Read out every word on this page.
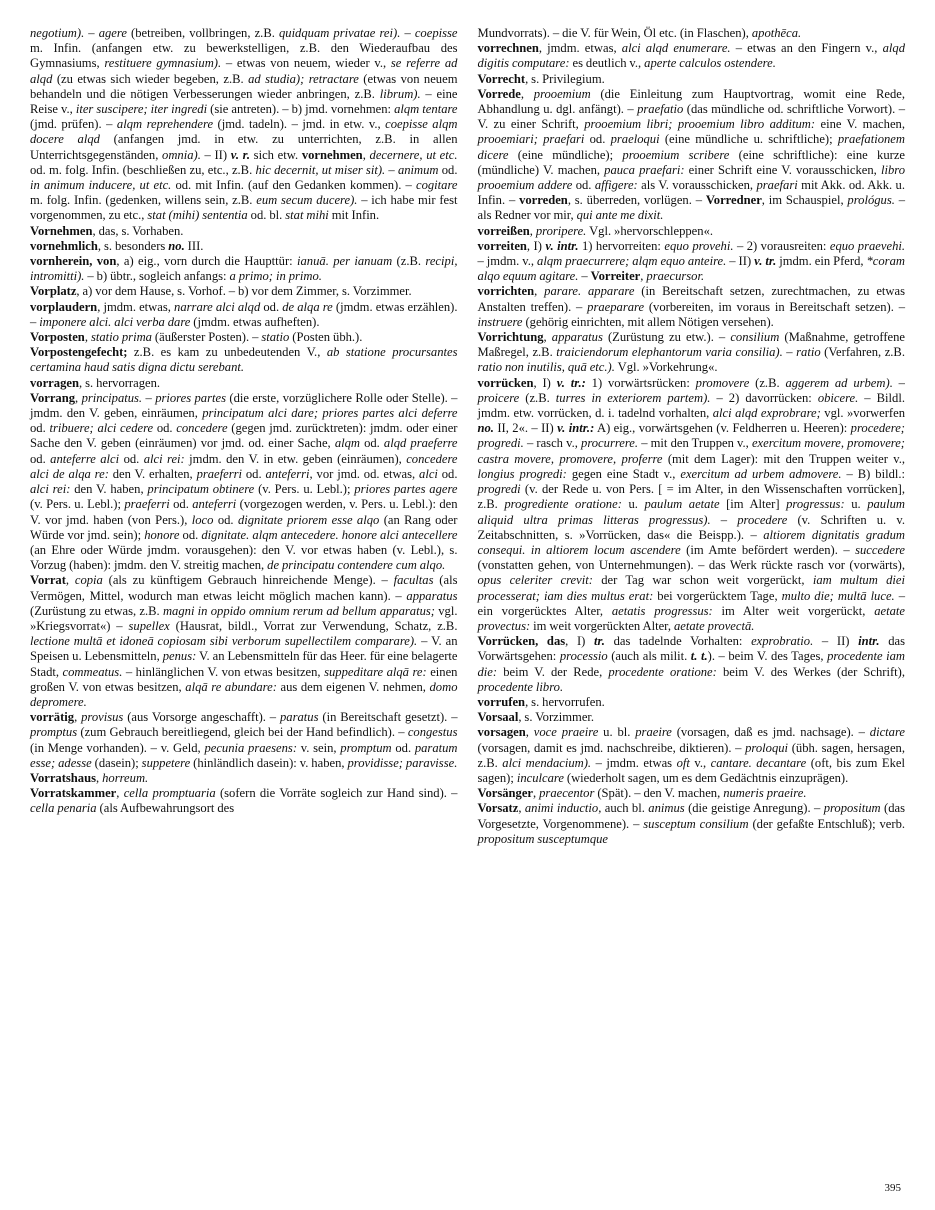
negotium). – agere (betreiben, vollbringen, z.B. quidquam privatae rei). – coepisse m. Infin. (anfangen etw. zu bewerkstelligen, z.B. den Wiederaufbau des Gymnasiums, restituere gymnasium). – etwas von neuem, wieder v., se referre ad alqd (zu etwas sich wieder begeben, z.B. ad studia); retractare (etwas von neuem behandeln und die nötigen Verbesserungen wieder anbringen, z.B. librum). – eine Reise v., iter suscipere; iter ingredi (sie antreten). – b) jmd. vornehmen: alqm tentare (jmd. prüfen). – alqm reprehendere (jmd. tadeln). – jmd. in etw. v., coepisse alqm docere alqd (anfangen jmd. in etw. zu unterrichten, z.B. in allen Unterrichtsgegenständen, omnia). – II) v. r. sich etw. vornehmen, decernere, ut etc. od. m. folg. Infin. (beschließen zu, etc., z.B. hic decernit, ut miser sit). – animum od. in animum inducere, ut etc. od. mit Infin. (auf den Gedanken kommen). – cogitare m. folg. Infin. (gedenken, willens sein, z.B. eum secum ducere). – ich habe mir fest vorgenommen, zu etc., stat (mihi) sententia od. bl. stat mihi mit Infin.

Vornehmen, das, s. Vorhaben.

vornehmlich, s. besonders no. III.

vornherein, von, a) eig., vorn durch die Haupttür: ianuā. per ianuam (z.B. recipi, intromitti). – b) übtr., sogleich anfangs: a primo; in primo.

Vorplatz, a) vor dem Hause, s. Vorhof. – b) vor dem Zimmer, s. Vorzimmer.

vorplaudern, jmdm. etwas, narrare alci alqd od. de alqa re (jmdm. etwas erzählen). – imponere alci. alci verba dare (jmdm. etwas aufheften).

Vorposten, statio prima (äußerster Posten). – statio (Posten übh.).

Vorpostengefecht; z.B. es kam zu unbedeutenden V., ab statione procursantes certamina haud satis digna dictu serebant.

vorragen, s. hervorragen.

Vorrang, principatus. – priores partes (die erste, vorzüglichere Rolle oder Stelle). – jmdm. den V. geben, einräumen, principatum alci dare; priores partes alci deferre od. tribuere; alci cedere od. concedere (gegen jmd. zurücktreten): jmdm. oder einer Sache den V. geben (einräumen) vor jmd. od. einer Sache, alqm od. alqd praeferre od. anteferre alci od. alci rei: jmdm. den V. in etw. geben (einräumen), concedere alci de alqa re: den V. erhalten, praeferri od. anteferri, vor jmd. od. etwas, alci od. alci rei: den V. haben, principatum obtinere (v. Pers. u. Lebl.); priores partes agere (v. Pers. u. Lebl.); praeferri od. anteferri (vorgezogen werden, v. Pers. u. Lebl.): den V. vor jmd. haben (von Pers.), loco od. dignitate priorem esse alqo (an Rang oder Würde vor jmd. sein); honore od. dignitate. alqm antecedere. honore alci antecellere (an Ehre oder Würde jmdm. vorausgehen): den V. vor etwas haben (v. Lebl.), s. Vorzug (haben): jmdm. den V. streitig machen, de principatu contendere cum alqo.

Vorrat, copia (als zu künftigem Gebrauch hinreichende Menge). – facultas (als Vermögen, Mittel, wodurch man etwas leicht möglich machen kann). – apparatus (Zurüstung zu etwas, z.B. magni in oppido omnium rerum ad bellum apparatus; vgl. »Kriegsvorrat«) – supellex (Hausrat, bildl., Vorrat zur Verwendung, Schatz, z.B. lectione multā et idoneā copiosam sibi verborum supellectilem comparare). – V. an Speisen u. Lebensmitteln, penus: V. an Lebensmitteln für das Heer. für eine belagerte Stadt, commeatus. – hinlänglichen V. von etwas besitzen, suppeditare alqā re: einen großen V. von etwas besitzen, alqā re abundare: aus dem eigenen V. nehmen, domo depromere.

vorrätig, provisus (aus Vorsorge angeschafft). – paratus (in Bereitschaft gesetzt). – promptus (zum Gebrauch bereitliegend, gleich bei der Hand befindlich). – congestus (in Menge vorhanden). – v. Geld, pecunia praesens: v. sein, promptum od. paratum esse; adesse (dasein); suppetere (hinländlich dasein): v. haben, providisse; paravisse.

Vorratshaus, horreum.

Vorratskammer, cella promptuaria (sofern die Vorräte sogleich zur Hand sind). – cella penaria (als Aufbewahrungsort des

Mundvorrats). – die V. für Wein, Öl etc. (in Flaschen), apothēca.

vorrechnen, jmdm. etwas, alci alqd enumerare. – etwas an den Fingern v., alqd digitis computare: es deutlich v., aperte calculos ostendere.

Vorrecht, s. Privilegium.

Vorrede, prooemium (die Einleitung zum Hauptvortrag, womit eine Rede, Abhandlung u. dgl. anfängt). – praefatio (das mündliche od. schriftliche Vorwort). – V. zu einer Schrift, prooemium libri; prooemium libro additum: eine V. machen, prooemiari; praefari od. praeloqui (eine mündliche u. schriftliche); praefationem dicere (eine mündliche); prooemium scribere (eine schriftliche): eine kurze (mündliche) V. machen, pauca praefari: einer Schrift eine V. vorausschicken, libro prooemium addere od. affigere: als V. vorausschicken, praefari mit Akk. od. Akk. u. Infin. – vorreden, s. überreden, vorlügen. – Vorredner, im Schauspiel, prológus. – als Redner vor mir, qui ante me dixit.

vorreißen, proripere. Vgl. »hervorschleppen«.

vorreiten, I) v. intr. 1) hervorreiten: equo provehi. – 2) vorausreiten: equo praevehi. – jmdm. v., alqm praecurrere; alqm equo anteire. – II) v. tr. jmdm. ein Pferd, *coram alqo equum agitare. – Vorreiter, praecursor.

vorrichten, parare. apparare (in Bereitschaft setzen, zurechtmachen, zu etwas Anstalten treffen). – praeparare (vorbereiten, im voraus in Bereitschaft setzen). – instruere (gehörig einrichten, mit allem Nötigen versehen).

Vorrichtung, apparatus (Zurüstung zu etw.). – consilium (Maßnahme, getroffene Maßregel, z.B. traiciendorum elephantorum varia consilia). – ratio (Verfahren, z.B. ratio non inutilis, quā etc.). Vgl. »Vorkehrung«.

vorrücken, I) v. tr.: 1) vorwärtsrücken: promovere (z.B. aggerem ad urbem). – proicere (z.B. turres in exteriorem partem). – 2) davorrücken: obicere. – Bildl. jmdm. etw. vorrücken, d. i. tadelnd vorhalten, alci alqd exprobrare; vgl. »vorwerfen no. II, 2«. – II) v. intr.: A) eig., vorwärtsgehen (v. Feldherren u. Heeren): procedere; progredi. – rasch v., procurrere. – mit den Truppen v., exercitum movere, promovere; castra movere, promovere, proferre (mit dem Lager): mit den Truppen weiter v., longius progredi: gegen eine Stadt v., exercitum ad urbem admovere. – B) bildl.: progredi (v. der Rede u. von Pers. [ = im Alter, in den Wissenschaften vorrücken], z.B. progrediente oratione: u. paulum aetate [im Alter] progressus: u. paulum aliquid ultra primas litteras progressus). – procedere (v. Schriften u. v. Zeitabschnitten, s. »Vorrücken, das« die Beispp.). – altiorem dignitatis gradum consequi. in altiorem locum ascendere (im Amte befördert werden). – succedere (vonstatten gehen, von Unternehmungen). – das Werk rückte rasch vor (vorwärts), opus celeriter crevit: der Tag war schon weit vorgerückt, iam multum diei processerat; iam dies multus erat: bei vorgerücktem Tage, multo die; multā luce. – ein vorgerücktes Alter, aetatis progressus: im Alter weit vorgerückt, aetate provectus: im weit vorgerückten Alter, aetate provectā.

Vorrücken, das, I) tr. das tadelnde Vorhalten: exprobratio. – II) intr. das Vorwärtsgehen: processio (auch als milit. t. t.). – beim V. des Tages, procedente iam die: beim V. der Rede, procedente oratione: beim V. des Werkes (der Schrift), procedente libro.

vorrufen, s. hervorrufen.

Vorsaal, s. Vorzimmer.

vorsagen, voce praeire u. bl. praeire (vorsagen, daß es jmd. nachsage). – dictare (vorsagen, damit es jmd. nachschreibe, diktieren). – proloqui (übh. sagen, hersagen, z.B. alci mendacium). – jmdm. etwas oft v., cantare. decantare (oft, bis zum Ekel sagen); inculcare (wiederholt sagen, um es dem Gedächtnis einzuprägen).

Vorsänger, praecentor (Spät). – den V. machen, numeris praeire.

Vorsatz, animi inductio, auch bl. animus (die geistige Anregung). – propositum (das Vorgesetzte, Vorgenommene). – susceptum consilium (der gefaßte Entschluß); verb. propositum susceptumque

395
